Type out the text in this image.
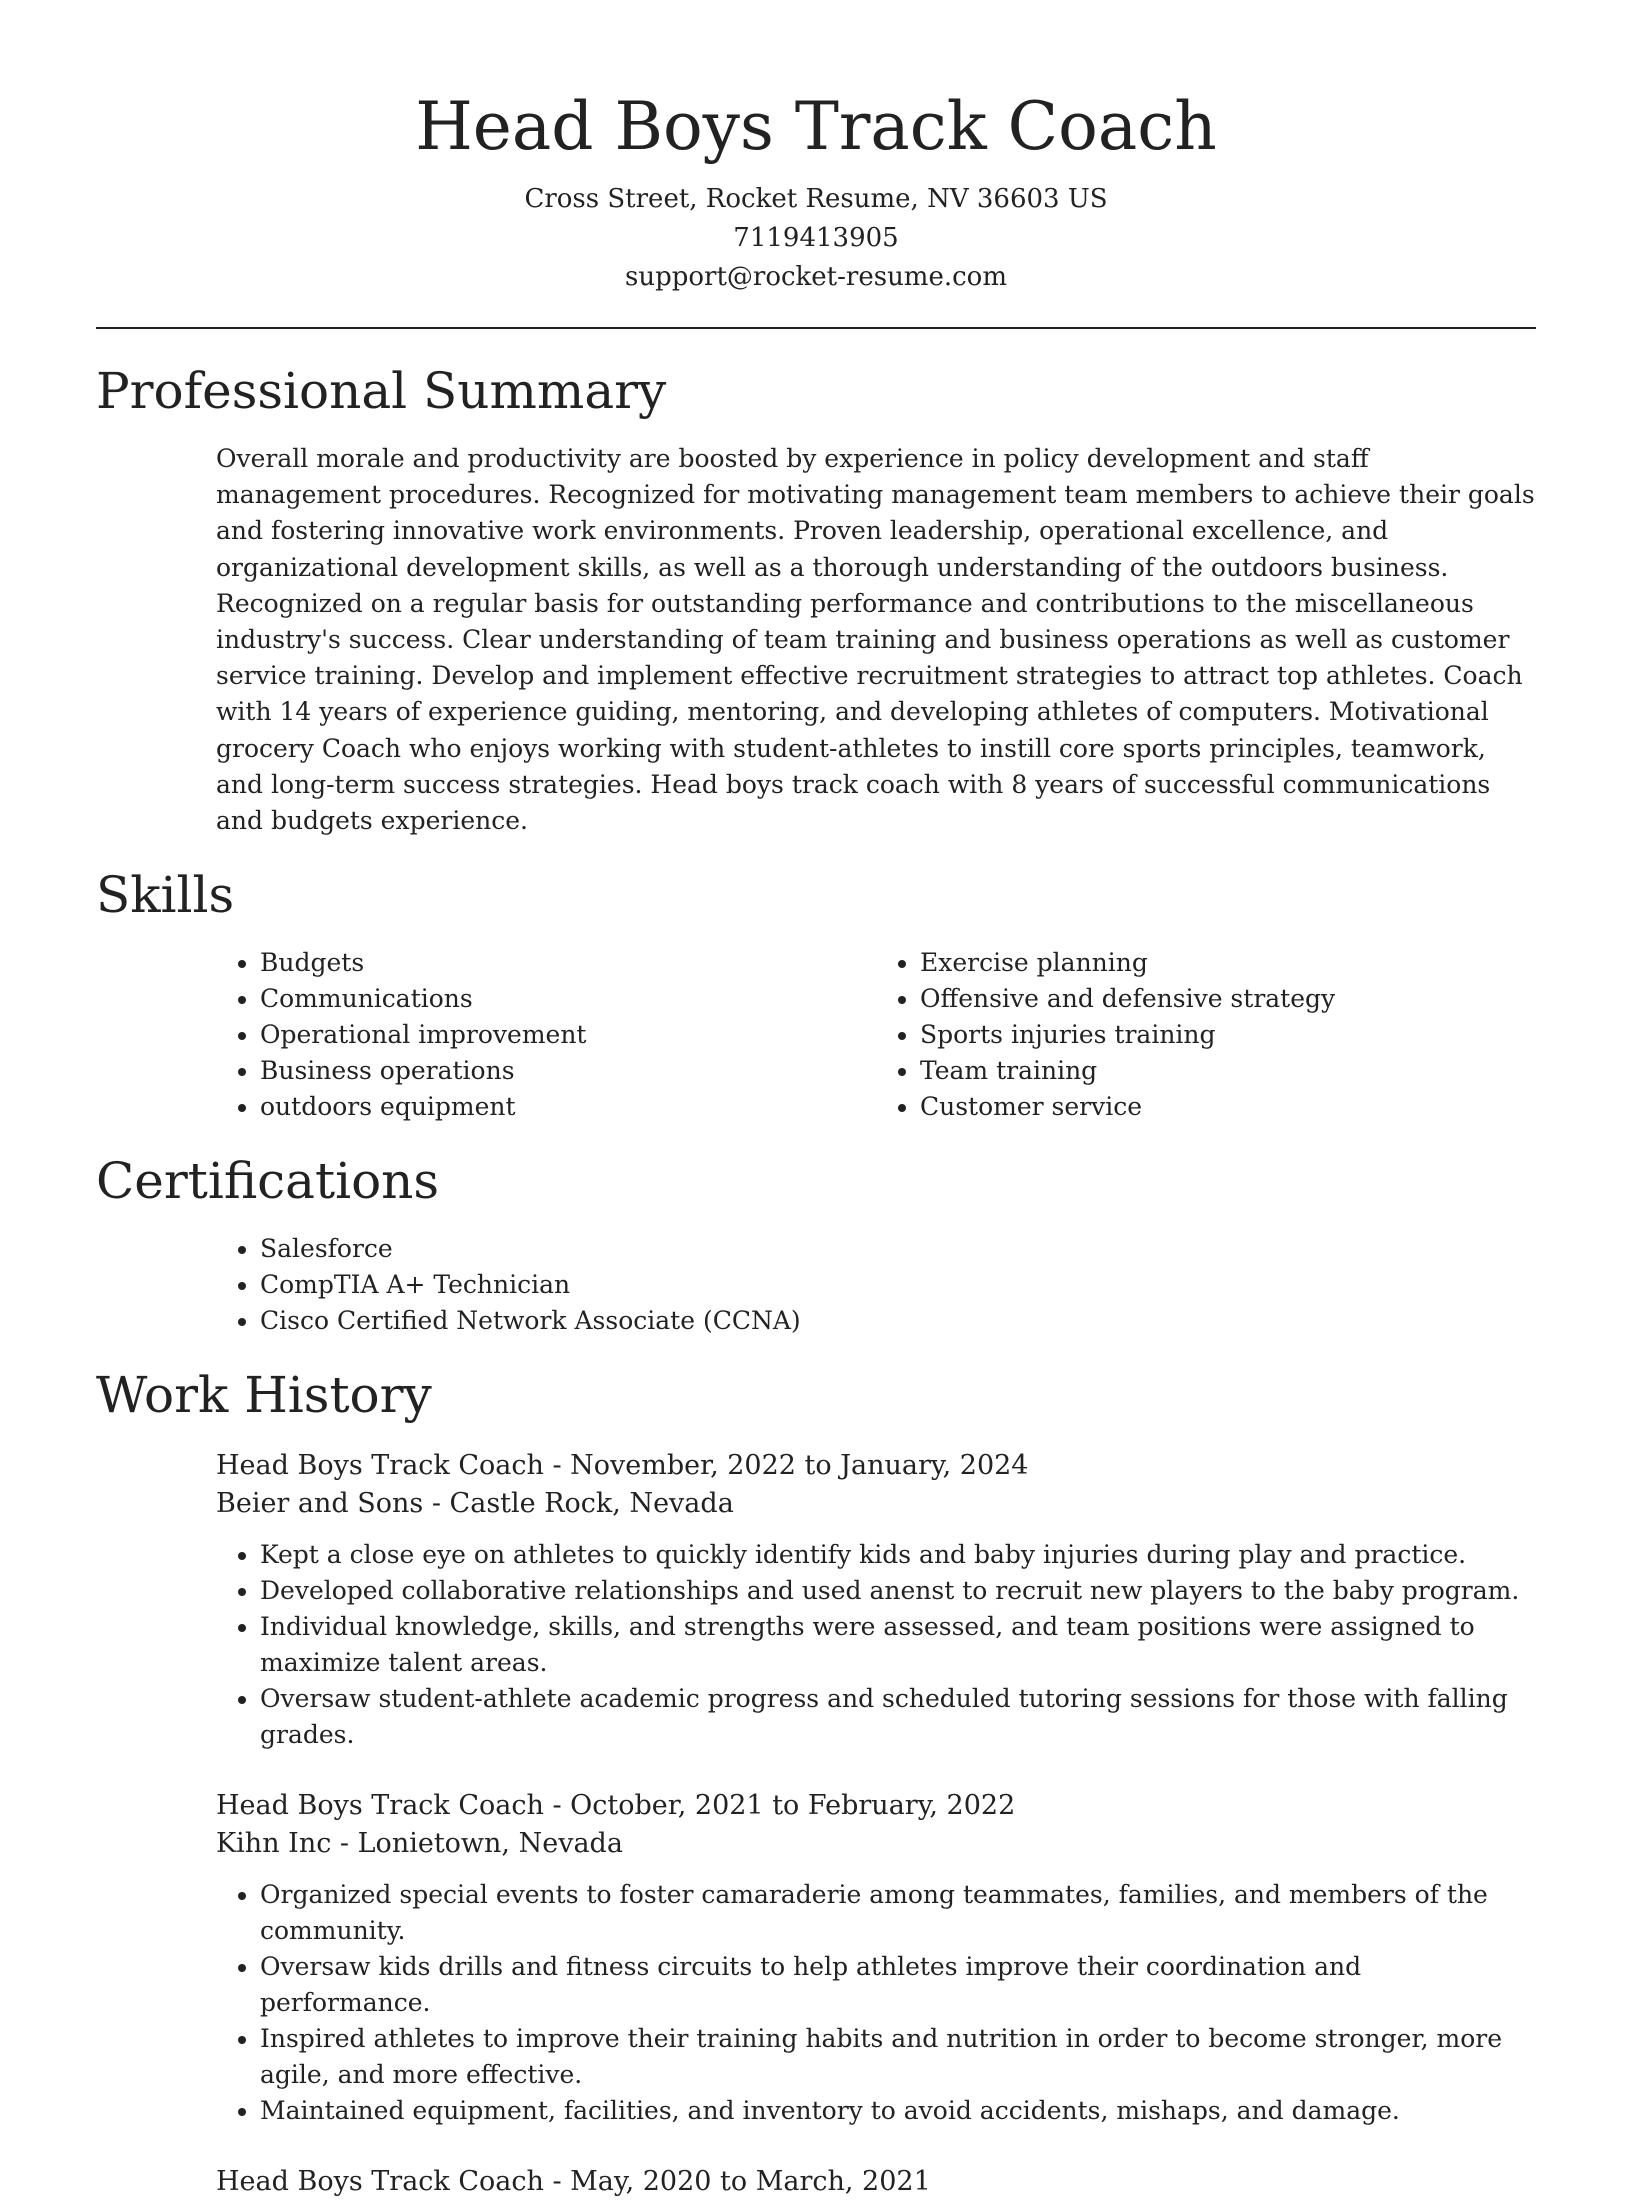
Head Boys Track Coach
Cross Street, Rocket Resume, NV 36603 US
7119413905
support@rocket-resume.com
Professional Summary

Overall morale and productivity are boosted by experience in policy development and staff management procedures. Recognized for motivating management team members to achieve their goals and fostering innovative work environments. Proven leadership, operational excellence, and organizational development skills, as well as a thorough understanding of the outdoors business. Recognized on a regular basis for outstanding performance and contributions to the miscellaneous industry's success. Clear understanding of team training and business operations as well as customer service training. Develop and implement effective recruitment strategies to attract top athletes. Coach with 14 years of experience guiding, mentoring, and developing athletes of computers. Motivational grocery Coach who enjoys working with student-athletes to instill core sports principles, teamwork, and long-term success strategies. Head boys track coach with 8 years of successful communications and budgets experience.

Skills
• Budgets
• Communications
• Operational improvement
• Business operations
• outdoors equipment
• Exercise planning
• Offensive and defensive strategy
• Sports injuries training
• Team training
• Customer service
Certifications
• Salesforce
• CompTIA A+ Technician
• Cisco Certified Network Associate (CCNA)
Work History
Head Boys Track Coach - November, 2022 to January, 2024
Beier and Sons - Castle Rock, Nevada
• Kept a close eye on athletes to quickly identify kids and baby injuries during play and practice.
• Developed collaborative relationships and used anenst to recruit new players to the baby program.
• Individual knowledge, skills, and strengths were assessed, and team positions were assigned to maximize talent areas.
• Oversaw student-athlete academic progress and scheduled tutoring sessions for those with falling grades.
Head Boys Track Coach - October, 2021 to February, 2022
Kihn Inc - Lonietown, Nevada
• Organized special events to foster camaraderie among teammates, families, and members of the community.
• Oversaw kids drills and fitness circuits to help athletes improve their coordination and performance.
• Inspired athletes to improve their training habits and nutrition in order to become stronger, more agile, and more effective.
• Maintained equipment, facilities, and inventory to avoid accidents, mishaps, and damage.
Head Boys Track Coach - May, 2020 to March, 2021
